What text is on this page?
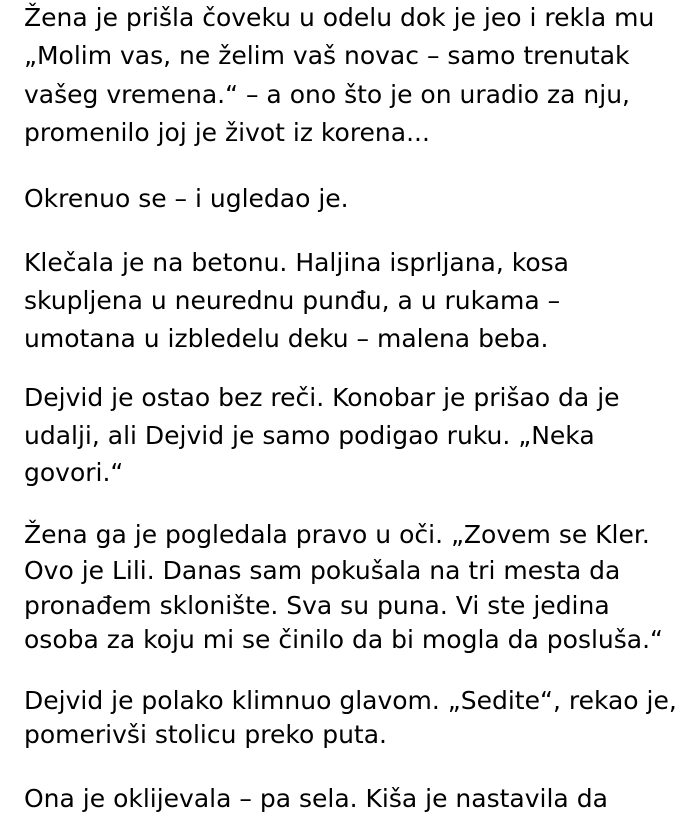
Žena je prišla čoveku u odelu dok je jeo i rekla mu
„Molim vas, ne želim vaš novac – samo trenutak
vašeg vremena.“ – a ono što je on uradio za nju,
promenilo joj je život iz korena...
Okrenuo se – i ugledao je.
Klečala je na betonu. Haljina isprljana, kosa
skupljena u neurednu punđu, a u rukama –
umotana u izbledelu deku – malena beba.
Dejvid je ostao bez reči. Konobar je prišao da je
udalji, ali Dejvid je samo podigao ruku. „Neka
govori.“
Žena ga je pogledala pravo u oči. „Zovem se Kler.
Ovo je Lili. Danas sam pokušala na tri mesta da
pronađem sklonište. Sva su puna. Vi ste jedina
osoba za koju mi se činilo da bi mogla da posluša.“
Dejvid je polako klimnuo glavom. „Sedite“, rekao je,
pomerivši stolicu preko puta.
Ona je oklijevala – pa sela. Kiša je nastavila da
